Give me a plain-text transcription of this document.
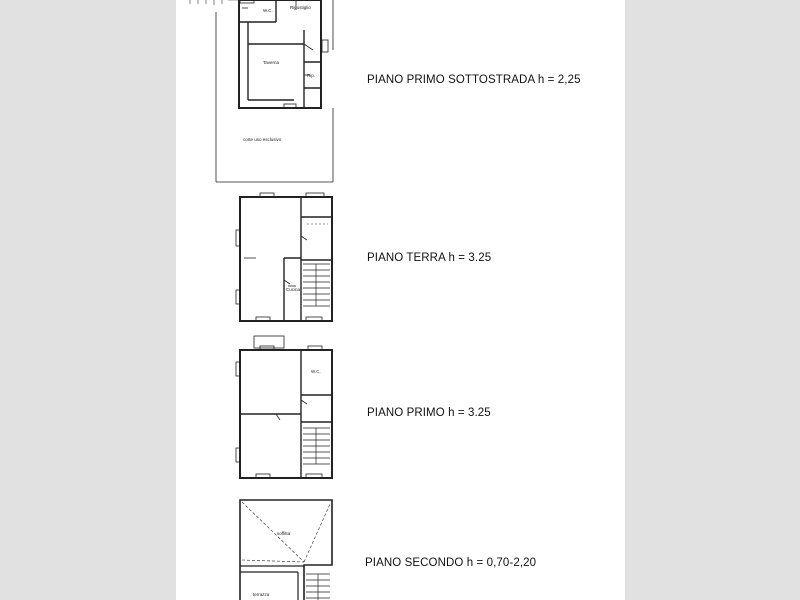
W.C.
Ripostiglio
Taverna
Rip.
corte uso esclusivo
Cucina
W.C.
soffitta
terrazza
PIANO PRIMO SOTTOSTRADA h = 2,25
PIANO TERRA h = 3.25
PIANO PRIMO h = 3.25
PIANO SECONDO h = 0,70-2,20
